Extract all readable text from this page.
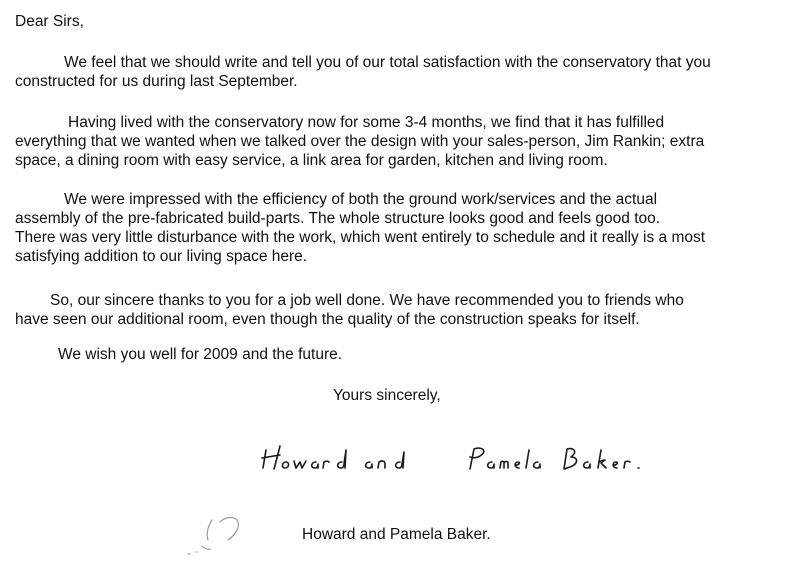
Dear Sirs,
We feel that we should write and tell you of our total satisfaction with the conservatory that you
constructed for us during last September.
Having lived with the conservatory now for some 3-4 months, we find that it has fulfilled
everything that we wanted when we talked over the design with your sales-person, Jim Rankin; extra
space, a dining room with easy service, a link area for garden, kitchen and living room.
We were impressed with the efficiency of both the ground work/services and the actual
assembly of the pre-fabricated build-parts. The whole structure looks good and feels good too.
There was very little disturbance with the work, which went entirely to schedule and it really is a most
satisfying addition to our living space here.
So, our sincere thanks to you for a job well done. We have recommended you to friends who
have seen our additional room, even though the quality of the construction speaks for itself.
We wish you well for 2009 and the future.
Yours sincerely,
Howard and Pamela Baker.
